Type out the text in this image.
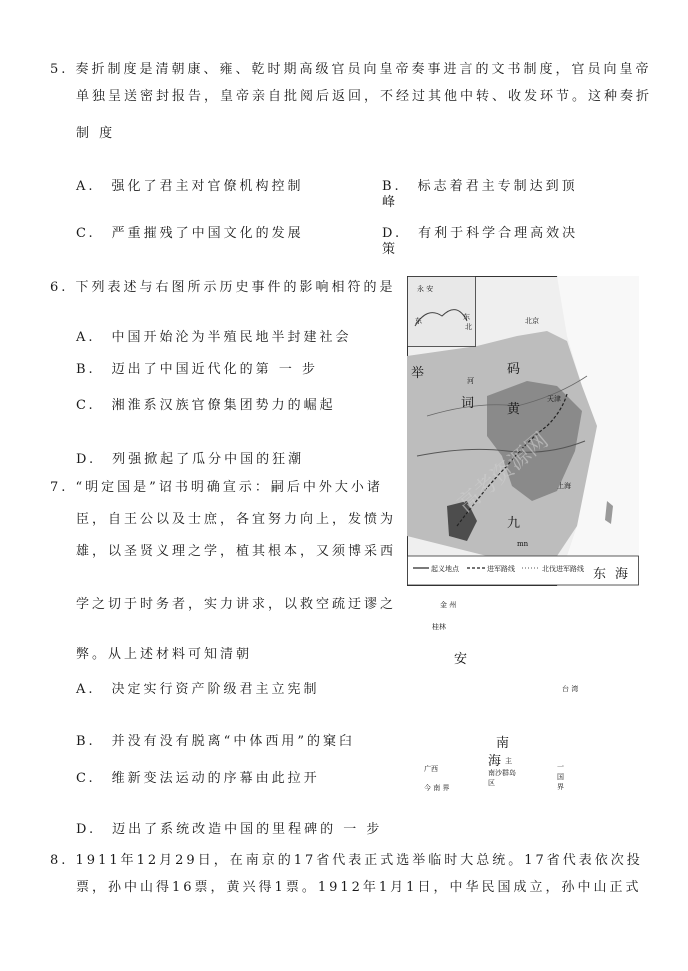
5. 奏折制度是清朝康、雍、乾时期高级官员向皇帝奏事进言的文书制度，官员向皇帝
单独呈送密封报告，皇帝亲自批阅后返回，不经过其他中转、收发环节。这种奏折
制 度
A.　强化了君主对官僚机构控制	B.　标志着君主专制达到顶
峰
C.　严重摧残了中国文化的发展	D.　有利于科学合理高效决
策
6. 下列表述与右图所示历史事件的影响相符的是
A.　中国开始沦为半殖民地半封建社会
B.　迈出了中国近代化的第 一 步
C.　湘淮系汉族官僚集团势力的崛起
D.　列强掀起了瓜分中国的狂潮
7. “明定国是”诏书明确宣示：嗣后中外大小诸
臣，自王公以及士庶，各宜努力向上，发愤为
雄，以圣贤义理之学，植其根本，又须博采西
学之切于时务者，实力讲求，以救空疏迂谬之
弊。从上述材料可知清朝
A.　决定实行资产阶级君主立宪制
B.　并没有没有脱离“中体西用”的窠臼
C.　维新变法运动的序幕由此拉开
D.　迈出了系统改造中国的里程碑的 一 步
8. 1911年12月29日，在南京的17省代表正式选举临时大总统。17省代表依次投
票，孙中山得16票，黄兴得1票。1912年1月1日，中华民国成立，孙中山正式
永 安
东	东
北
北京
举	码
河
词	黄
天津
九
mn
上海
东 海
起义地点	进军路线	北伐进军路线
高考资源网
金 州
桂林
安
台 湾
南
海 主
南沙群岛
区
广西
今 南 界
一
国
界
